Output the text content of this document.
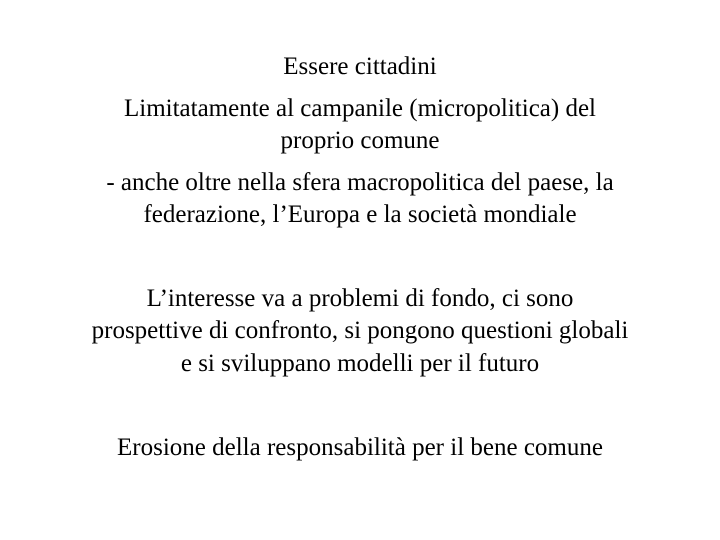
Essere cittadini
Limitatamente al campanile (micropolitica) del
proprio comune
- anche oltre nella sfera macropolitica del paese, la
federazione, l’Europa e la società mondiale
L’interesse va a problemi di fondo, ci sono
prospettive di confronto, si pongono questioni globali
e si sviluppano modelli per il futuro
Erosione della responsabilità per il bene comune
